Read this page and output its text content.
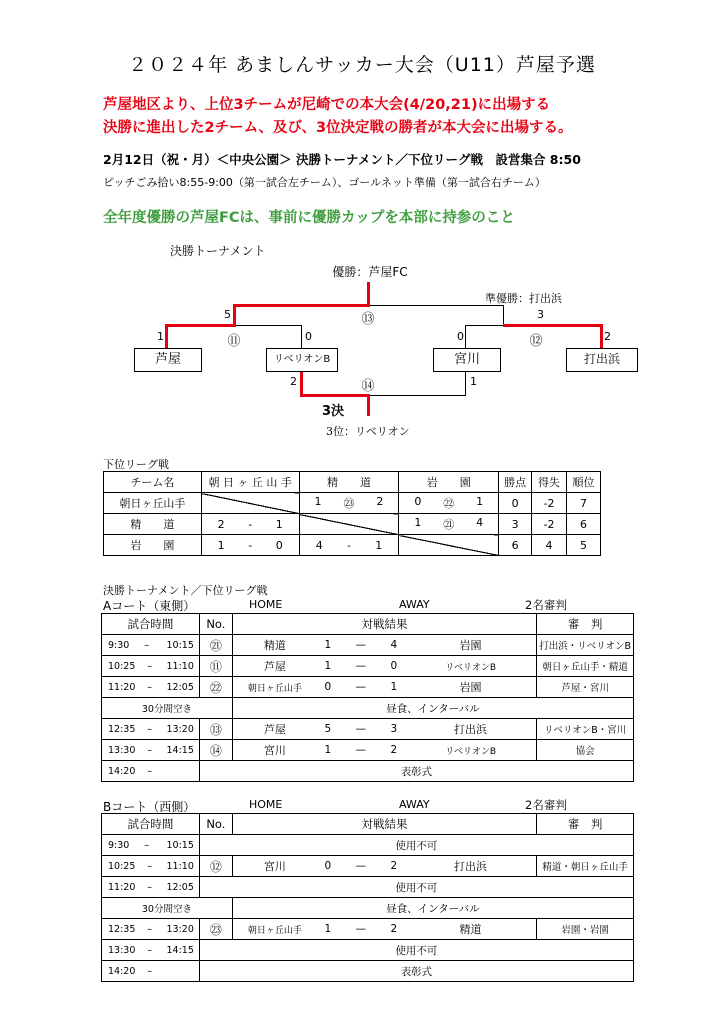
２０２４年 あましんサッカー大会（U11）芦屋予選
芦屋地区より、上位3チームが尼崎での本大会(4/20,21)に出場する
決勝に進出した2チーム、及び、3位決定戦の勝者が本大会に出場する。
2月12日（祝・月）＜中央公園＞ 決勝トーナメント／下位リーグ戦　設営集合 8:50
ピッチごみ拾い8:55-9:00（第一試合左チーム）、ゴールネット準備（第一試合右チーム）
全年度優勝の芦屋FCは、事前に優勝カップを本部に持参のこと
決勝トーナメント
優勝：芦屋FC
準優勝：打出浜
芦屋	リベリオンB	宮川	打出浜
5	3
⑬
1	0
⑪	0	2
⑫
2	1
⑭
3決
3位：リベリオン
下位リーグ戦
チーム名	朝 日 ヶ 丘 山 手	精　　道	岩　　園	勝点	得失	順位
朝日ヶ丘山手		1 ㉓ 2	0 ㉒ 1	0	-2	7
精　　道	2 - 1		1 ㉑ 4	3	-2	6
岩　　園	1 - 0	4 - 1		6	4	5
決勝トーナメント／下位リーグ戦
Aコート（東側）	HOME	AWAY	2名審判
試合時間	No.	対戦結果	審　判

9:30 – 10:15	㉑	精道 1 — 4 岩園	打出浜・リベリオンB

10:25 – 11:10	⑪	芦屋 1 — 0 リベリオンB	朝日ヶ丘山手・精道

11:20 – 12:05	㉒	朝日ヶ丘山手 0 — 1 岩園	芦屋・宮川
30分間空き		昼食、インターバル	

12:35 – 13:20	⑬	芦屋 5 — 3 打出浜	リベリオンB・宮川

13:30 – 14:15	⑭	宮川 1 — 2 リベリオンB	協会

14:20 –	表彰式		
Bコート（西側）	HOME	AWAY	2名審判
試合時間	No.	対戦結果	審　判

9:30 – 10:15	使用不可		

10:25 – 11:10	⑫	宮川 0 — 2 打出浜	精道・朝日ヶ丘山手

11:20 – 12:05	使用不可		
30分間空き		昼食、インターバル	

12:35 – 13:20	㉓	朝日ヶ丘山手 1 — 2 精道	岩園・岩園

13:30 – 14:15	使用不可		

14:20 –	表彰式		
